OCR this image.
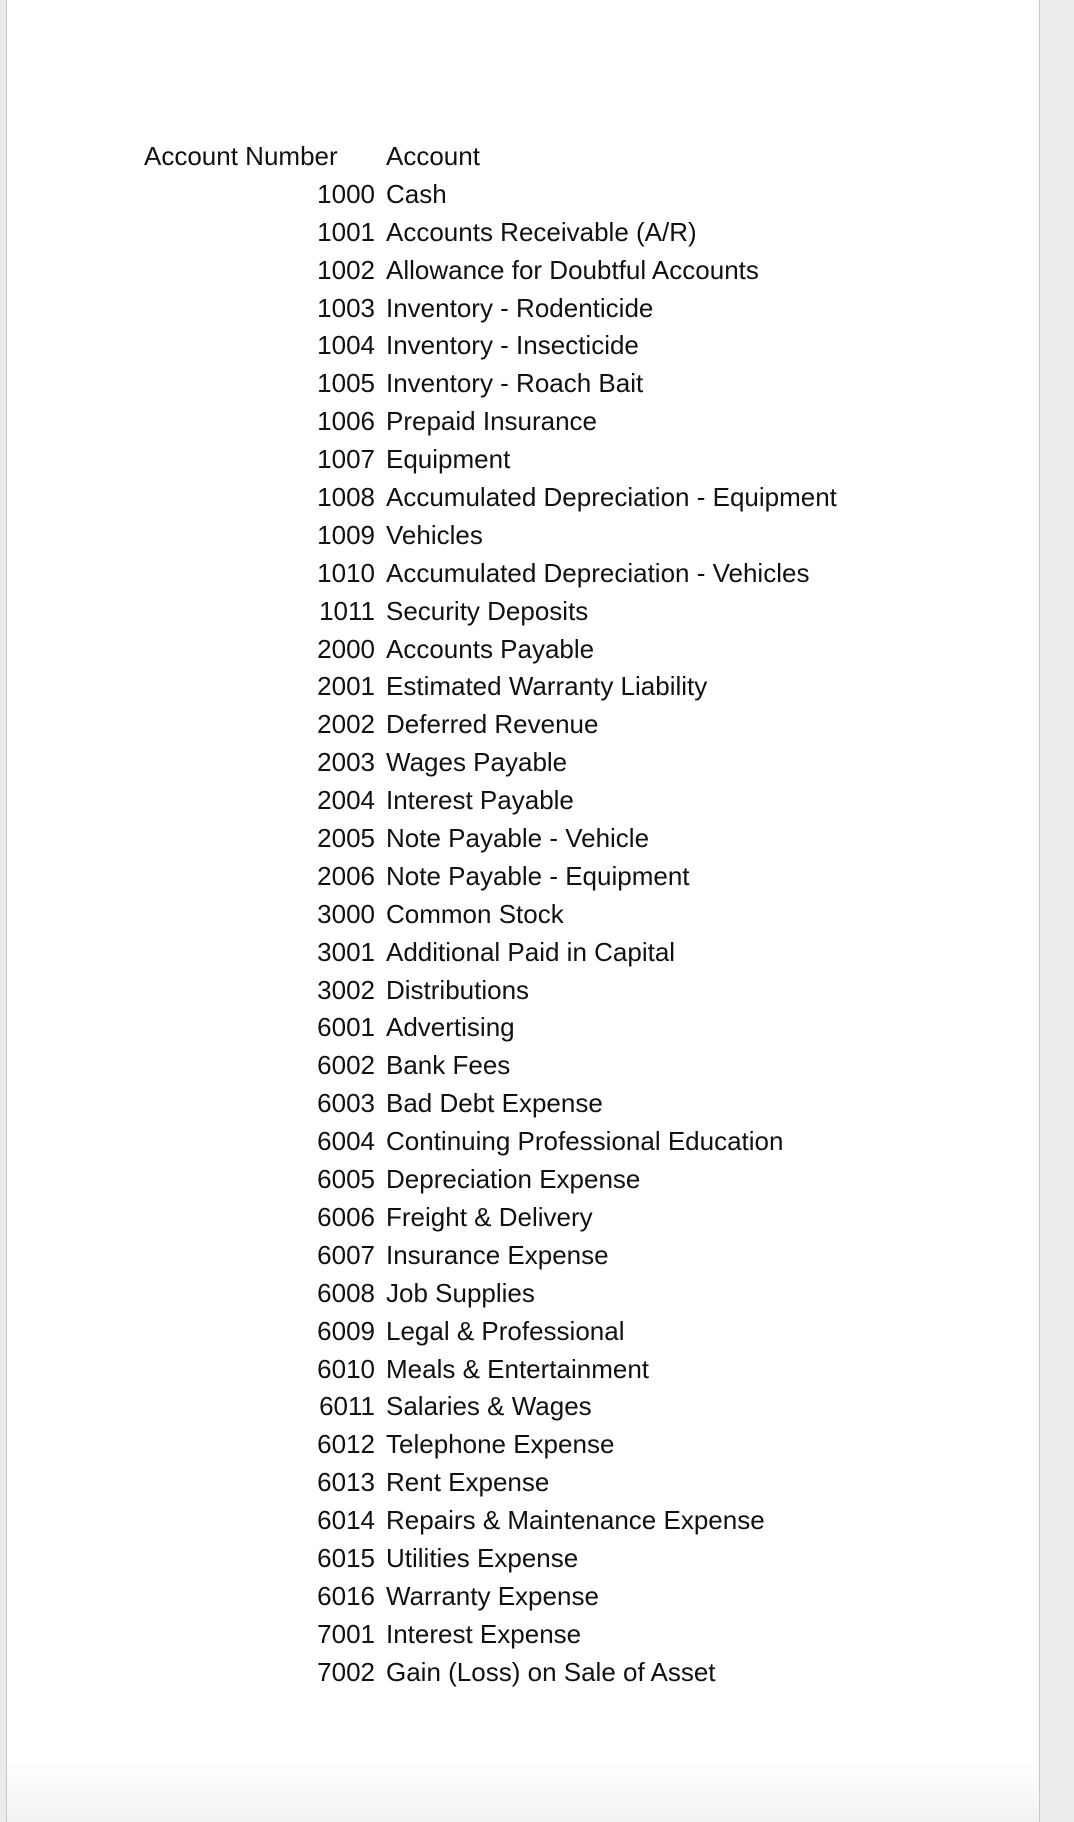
Account Number	Account
1000 Cash
1001 Accounts Receivable (A/R)
1002 Allowance for Doubtful Accounts
1003 Inventory - Rodenticide
1004 Inventory - Insecticide
1005 Inventory - Roach Bait
1006 Prepaid Insurance
1007 Equipment
1008 Accumulated Depreciation - Equipment
1009 Vehicles
1010 Accumulated Depreciation - Vehicles
1011 Security Deposits
2000 Accounts Payable
2001 Estimated Warranty Liability
2002 Deferred Revenue
2003 Wages Payable
2004 Interest Payable
2005 Note Payable - Vehicle
2006 Note Payable - Equipment
3000 Common Stock
3001 Additional Paid in Capital
3002 Distributions
6001 Advertising
6002 Bank Fees
6003 Bad Debt Expense
6004 Continuing Professional Education
6005 Depreciation Expense
6006 Freight & Delivery
6007 Insurance Expense
6008 Job Supplies
6009 Legal & Professional
6010 Meals & Entertainment
6011 Salaries & Wages
6012 Telephone Expense
6013 Rent Expense
6014 Repairs & Maintenance Expense
6015 Utilities Expense
6016 Warranty Expense
7001 Interest Expense
7002 Gain (Loss) on Sale of Asset
